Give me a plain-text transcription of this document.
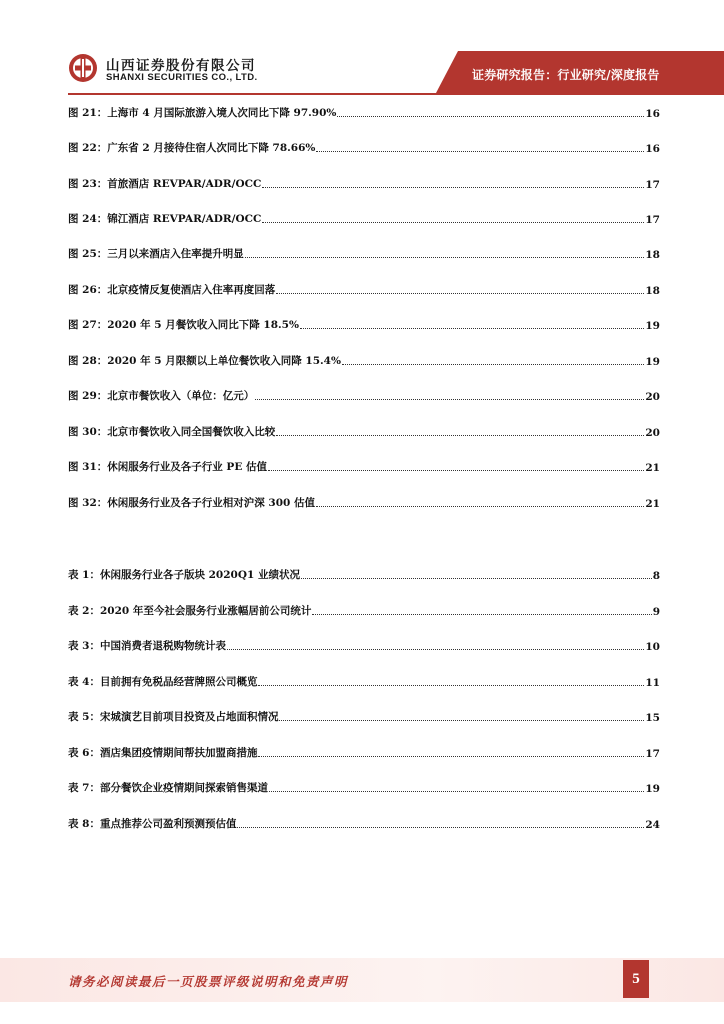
山西证券股份有限公司
SHANXI SECURITIES CO., LTD.	证券研究报告：行业研究/深度报告
图 21：上海市 4 月国际旅游入境人次同比下降 97.90%	16
图 22：广东省 2 月接待住宿人次同比下降 78.66%	16
图 23：首旅酒店 REVPAR/ADR/OCC	17
图 24：锦江酒店 REVPAR/ADR/OCC	17
图 25：三月以来酒店入住率提升明显	18
图 26：北京疫情反复使酒店入住率再度回落	18
图 27：2020 年 5 月餐饮收入同比下降 18.5%	19
图 28：2020 年 5 月限额以上单位餐饮收入同降 15.4%	19
图 29：北京市餐饮收入（单位：亿元）	20
图 30：北京市餐饮收入同全国餐饮收入比较	20
图 31：休闲服务行业及各子行业 PE 估值	21
图 32：休闲服务行业及各子行业相对沪深 300 估值	21
表 1：休闲服务行业各子版块 2020Q1 业绩状况	8
表 2：2020 年至今社会服务行业涨幅居前公司统计	9
表 3：中国消费者退税购物统计表	10
表 4：目前拥有免税品经营牌照公司概览	11
表 5：宋城演艺目前项目投资及占地面积情况	15
表 6：酒店集团疫情期间帮扶加盟商措施	17
表 7：部分餐饮企业疫情期间探索销售渠道	19
表 8：重点推荐公司盈利预测预估值	24
请务必阅读最后一页股票评级说明和免责声明	5
